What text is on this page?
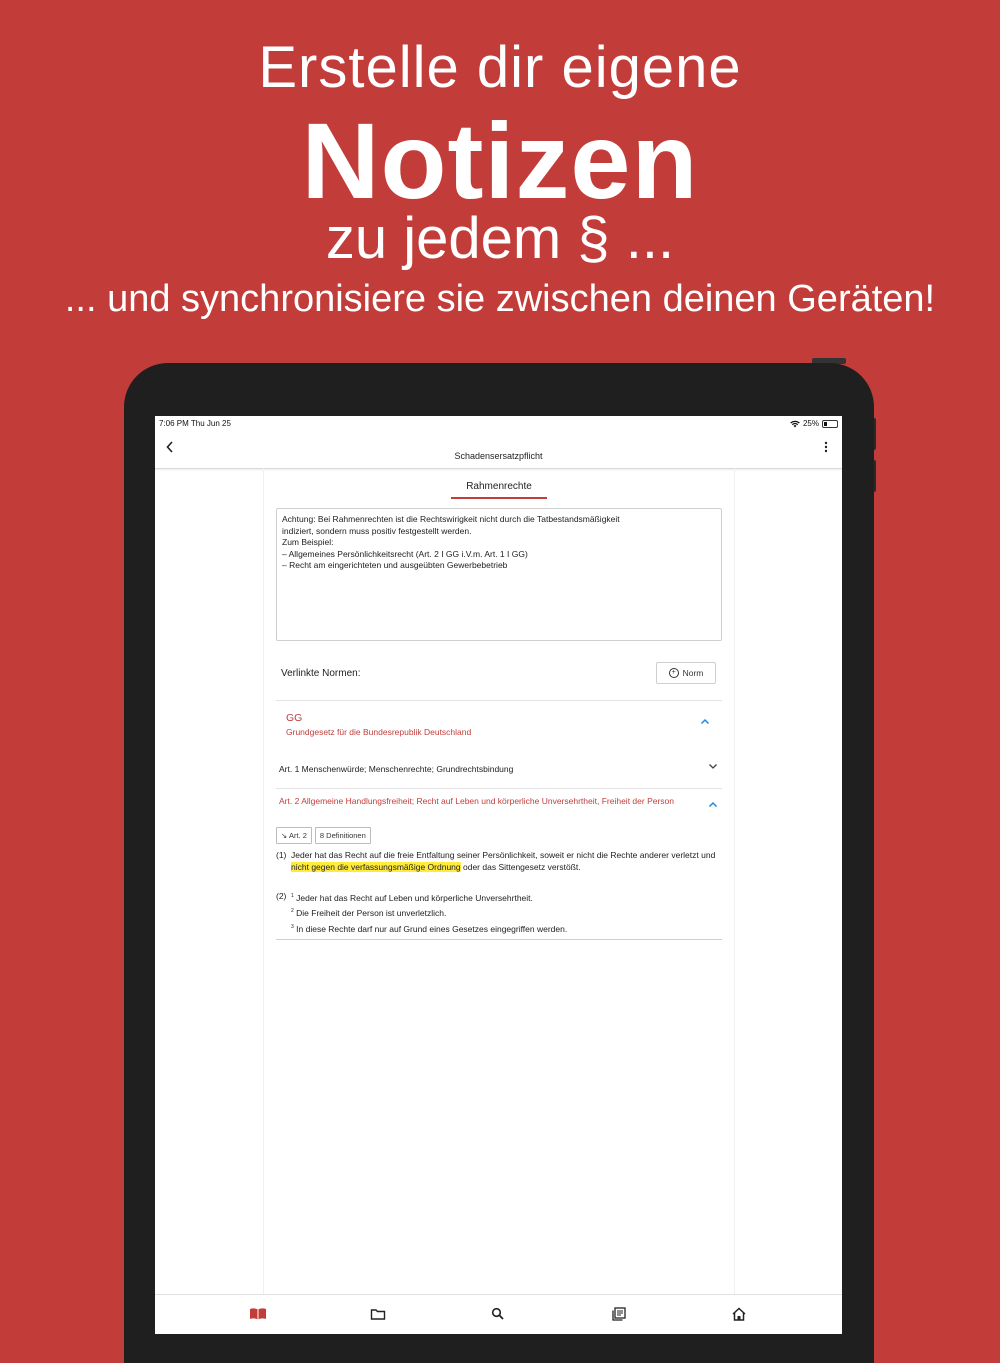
Erstelle dir eigene
Notizen
zu jedem § ...
... und synchronisiere sie zwischen deinen Geräten!
7:06 PM Thu Jun 25	25%
Schadensersatzpflicht
Rahmenrechte
Achtung: Bei Rahmenrechten ist die Rechtswirigkeit nicht durch die Tatbestandsmäßigkeit
indiziert, sondern muss positiv festgestellt werden.
Zum Beispiel:
– Allgemeines Persönlichkeitsrecht (Art. 2 I GG i.V.m. Art. 1 I GG)
– Recht am eingerichteten und ausgeübten Gewerbebetrieb
Verlinkte Normen:	+ Norm
GG
Grundgesetz für die Bundesrepublik Deutschland
Art. 1 Menschenwürde; Menschenrechte; Grundrechtsbindung
Art. 2 Allgemeine Handlungsfreiheit; Recht auf Leben und körperliche Unversehrtheit, Freiheit der Person
↘ Art. 2	8 Definitionen
(1) Jeder hat das Recht auf die freie Entfaltung seiner Persönlichkeit, soweit er nicht die Rechte anderer verletzt und nicht gegen die verfassungsmäßige Ordnung oder das Sittengesetz verstößt.
(2) $^1$ Jeder hat das Recht auf Leben und körperliche Unversehrtheit.
$^2$ Die Freiheit der Person ist unverletzlich.
$^3$ In diese Rechte darf nur auf Grund eines Gesetzes eingegriffen werden.
